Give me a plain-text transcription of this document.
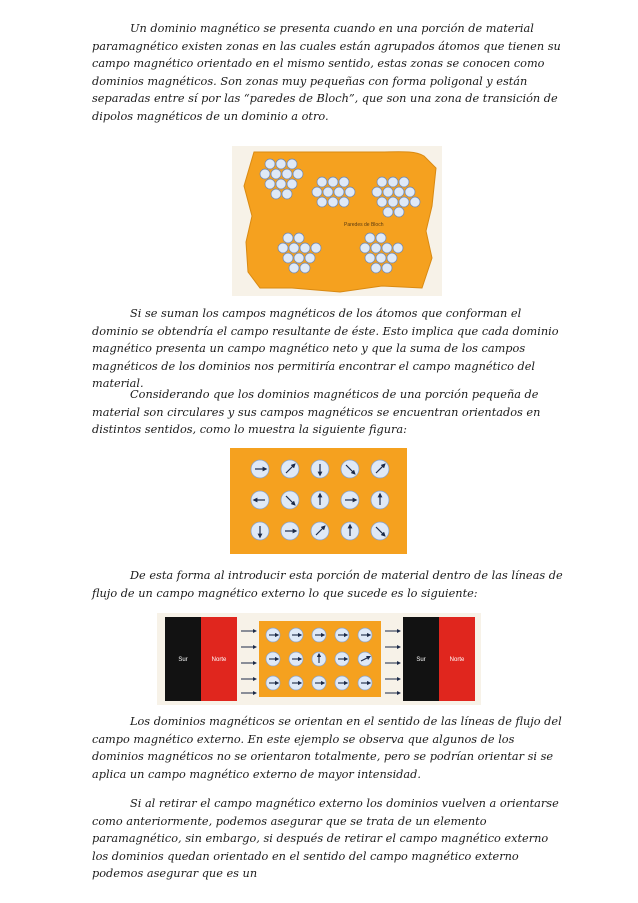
Un dominio magnético se presenta cuando en una porción de material paramagnético existen zonas en las cuales están agrupados átomos que tienen su campo magnético orientado en el mismo sentido, estas zonas se conocen como dominios magnéticos. Son zonas muy pequeñas con forma poligonal y están separadas entre sí por las “paredes de Bloch”, que son una zona de transición de dipolos magnéticos de un dominio a otro.

Paredes de Bloch

Si se suman los campos magnéticos de los átomos que conforman el dominio se obtendría el campo resultante de éste. Esto implica que cada dominio magnético presenta un campo magnético neto y que la suma de los campos magnéticos de los dominios nos permitiría encontrar el campo magnético del material.

Considerando que los dominios magnéticos de una porción pequeña de material son circulares y sus campos magnéticos se encuentran orientados en distintos sentidos, como lo muestra la siguiente figura:

De esta forma al introducir esta porción de material dentro de las líneas de flujo de un campo magnético externo lo que sucede es lo siguiente:

Sur	Norte	Sur	Norte

Los dominios magnéticos se orientan en el sentido de las líneas de flujo del campo magnético externo. En este ejemplo se observa que algunos de los dominios magnéticos no se orientaron totalmente, pero se podrían orientar si se aplica un campo magnético externo de mayor intensidad.

Si al retirar el campo magnético externo los dominios vuelven a orientarse como anteriormente, podemos asegurar que se trata de un elemento paramagnético, sin embargo, si después de retirar el campo magnético externo los dominios quedan orientado en el sentido del campo magnético externo podemos asegurar que es un
